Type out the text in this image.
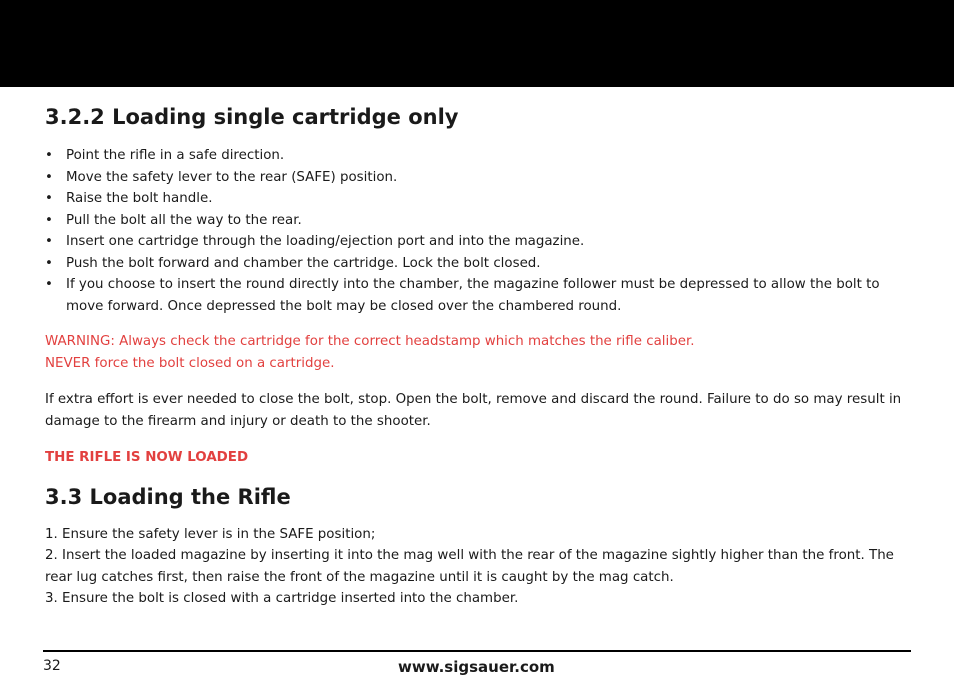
3.2.2 Loading single cartridge only
• Point the rifle in a safe direction.
• Move the safety lever to the rear (SAFE) position.
• Raise the bolt handle.
• Pull the bolt all the way to the rear.
• Insert one cartridge through the loading/ejection port and into the magazine.
• Push the bolt forward and chamber the cartridge. Lock the bolt closed.
• If you choose to insert the round directly into the chamber, the magazine follower must be depressed to allow the bolt to move forward. Once depressed the bolt may be closed over the chambered round.

WARNING: Always check the cartridge for the correct headstamp which matches the rifle caliber.

NEVER force the bolt closed on a cartridge.

If extra effort is ever needed to close the bolt, stop. Open the bolt, remove and discard the round. Failure to do so may result in damage to the firearm and injury or death to the shooter.

THE RIFLE IS NOW LOADED

3.3 Loading the Rifle

1. Ensure the safety lever is in the SAFE position;

2. Insert the loaded magazine by inserting it into the mag well with the rear of the magazine sightly higher than the front. The rear lug catches first, then raise the front of the magazine until it is caught by the mag catch.

3. Ensure the bolt is closed with a cartridge inserted into the chamber.

32	www.sigsauer.com
